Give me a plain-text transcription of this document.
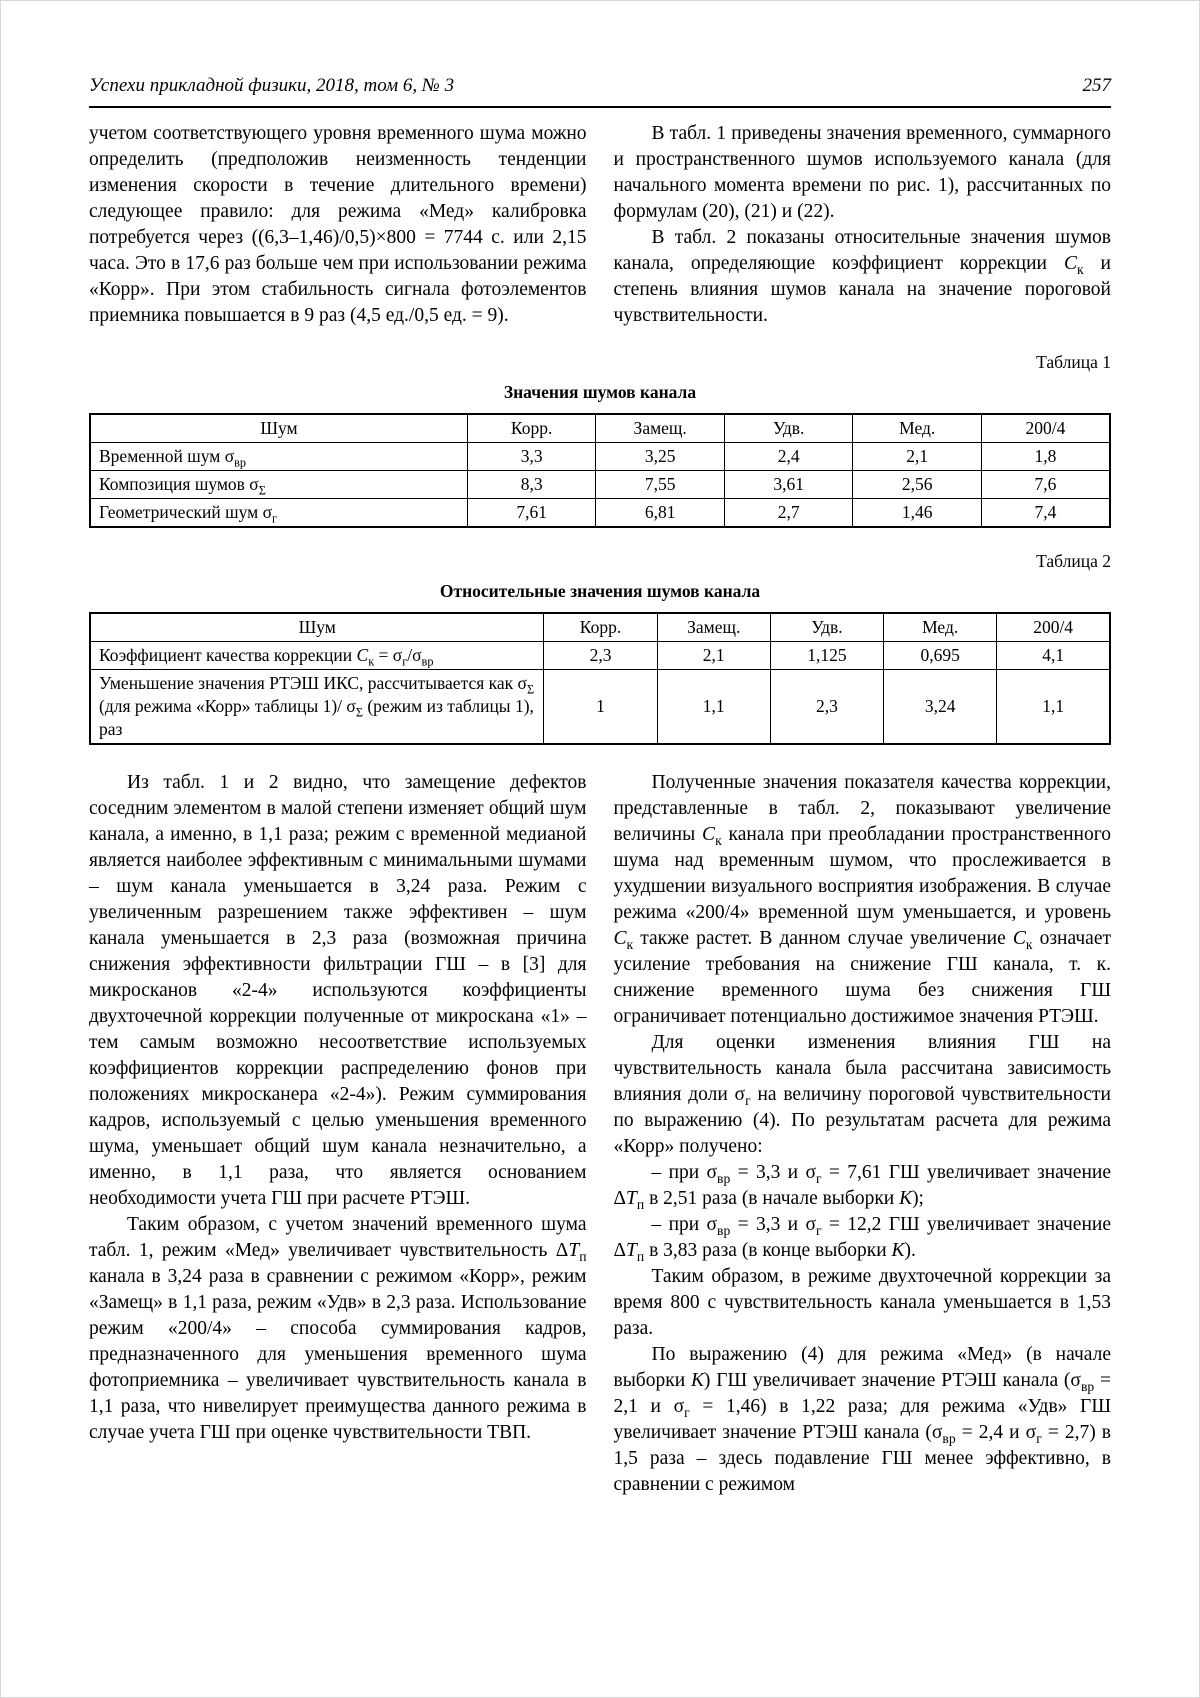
Успехи прикладной физики, 2018, том 6, № 3	257

учетом соответствующего уровня временного шума можно определить (предположив неизменность тенденции изменения скорости в течение длительного времени) следующее правило: для режима «Мед» калибровка потребуется через ((6,3–1,46)/0,5)×800 = 7744 с. или 2,15 часа. Это в 17,6 раз больше чем при использовании режима «Корр». При этом стабильность сигнала фотоэлементов приемника повышается в 9 раз (4,5 ед./0,5 ед. = 9).

В табл. 1 приведены значения временного, суммарного и пространственного шумов используемого канала (для начального момента времени по рис. 1), рассчитанных по формулам (20), (21) и (22).

В табл. 2 показаны относительные значения шумов канала, определяющие коэффициент коррекции $C_к$ и степень влияния шумов канала на значение пороговой чувствительности.

Таблица 1
Значения шумов канала
Шум	Корр.	Замещ.	Удв.	Мед.	200/4
Временной шум $\sigma_{вр}$	3,3	3,25	2,4	2,1	1,8
Композиция шумов $\sigma_\Sigma$	8,3	7,55	3,61	2,56	7,6
Геометрический шум $\sigma_г$	7,61	6,81	2,7	1,46	7,4
Таблица 2
Относительные значения шумов канала
Шум	Корр.	Замещ.	Удв.	Мед.	200/4
Коэффициент качества коррекции $C_к = \sigma_г/\sigma_{вр}$	2,3	2,1	1,125	0,695	4,1
Уменьшение значения РТЭШ ИКС, рассчитывается как $\sigma_\Sigma$ (для режима «Корр» таблицы 1)/ $\sigma_\Sigma$ (режим из таблицы 1), раз	1	1,1	2,3	3,24	1,1

Из табл. 1 и 2 видно, что замещение дефектов соседним элементом в малой степени изменяет общий шум канала, а именно, в 1,1 раза; режим с временной медианой является наиболее эффективным с минимальными шумами – шум канала уменьшается в 3,24 раза. Режим с увеличенным разрешением также эффективен – шум канала уменьшается в 2,3 раза (возможная причина снижения эффективности фильтрации ГШ – в [3] для микросканов «2-4» используются коэффициенты двухточечной коррекции полученные от микроскана «1» – тем самым возможно несоответствие используемых коэффициентов коррекции распределению фонов при положениях микросканера «2-4»). Режим суммирования кадров, используемый с целью уменьшения временного шума, уменьшает общий шум канала незначительно, а именно, в 1,1 раза, что является основанием необходимости учета ГШ при расчете РТЭШ.

Таким образом, с учетом значений временного шума табл. 1, режим «Мед» увеличивает чувствительность $\Delta T_п$ канала в 3,24 раза в сравнении с режимом «Корр», режим «Замещ» в 1,1 раза, режим «Удв» в 2,3 раза. Использование режим «200/4» – способа суммирования кадров, предназначенного для уменьшения временного шума фотоприемника – увеличивает чувствительность канала в 1,1 раза, что нивелирует преимущества данного режима в случае учета ГШ при оценке чувствительности ТВП.

Полученные значения показателя качества коррекции, представленные в табл. 2, показывают увеличение величины $C_к$ канала при преобладании пространственного шума над временным шумом, что прослеживается в ухудшении визуального восприятия изображения. В случае режима «200/4» временной шум уменьшается, и уровень $C_к$ также растет. В данном случае увеличение $C_к$ означает усиление требования на снижение ГШ канала, т. к. снижение временного шума без снижения ГШ ограничивает потенциально достижимое значения РТЭШ.

Для оценки изменения влияния ГШ на чувствительность канала была рассчитана зависимость влияния доли $\sigma_г$ на величину пороговой чувствительности по выражению (4). По результатам расчета для режима «Корр» получено:

– при $\sigma_{вр} = 3,3$ и $\sigma_г = 7,61$ ГШ увеличивает значение $\Delta T_п$ в 2,51 раза (в начале выборки К);

– при $\sigma_{вр} = 3,3$ и $\sigma_г = 12,2$ ГШ увеличивает значение $\Delta T_п$ в 3,83 раза (в конце выборки К).

Таким образом, в режиме двухточечной коррекции за время 800 с чувствительность канала уменьшается в 1,53 раза.

По выражению (4) для режима «Мед» (в начале выборки К) ГШ увеличивает значение РТЭШ канала ($\sigma_{вр} = 2,1$ и $\sigma_г = 1,46$) в 1,22 раза; для режима «Удв» ГШ увеличивает значение РТЭШ канала ($\sigma_{вр} = 2,4$ и $\sigma_г = 2,7$) в 1,5 раза – здесь подавление ГШ менее эффективно, в сравнении с режимом
